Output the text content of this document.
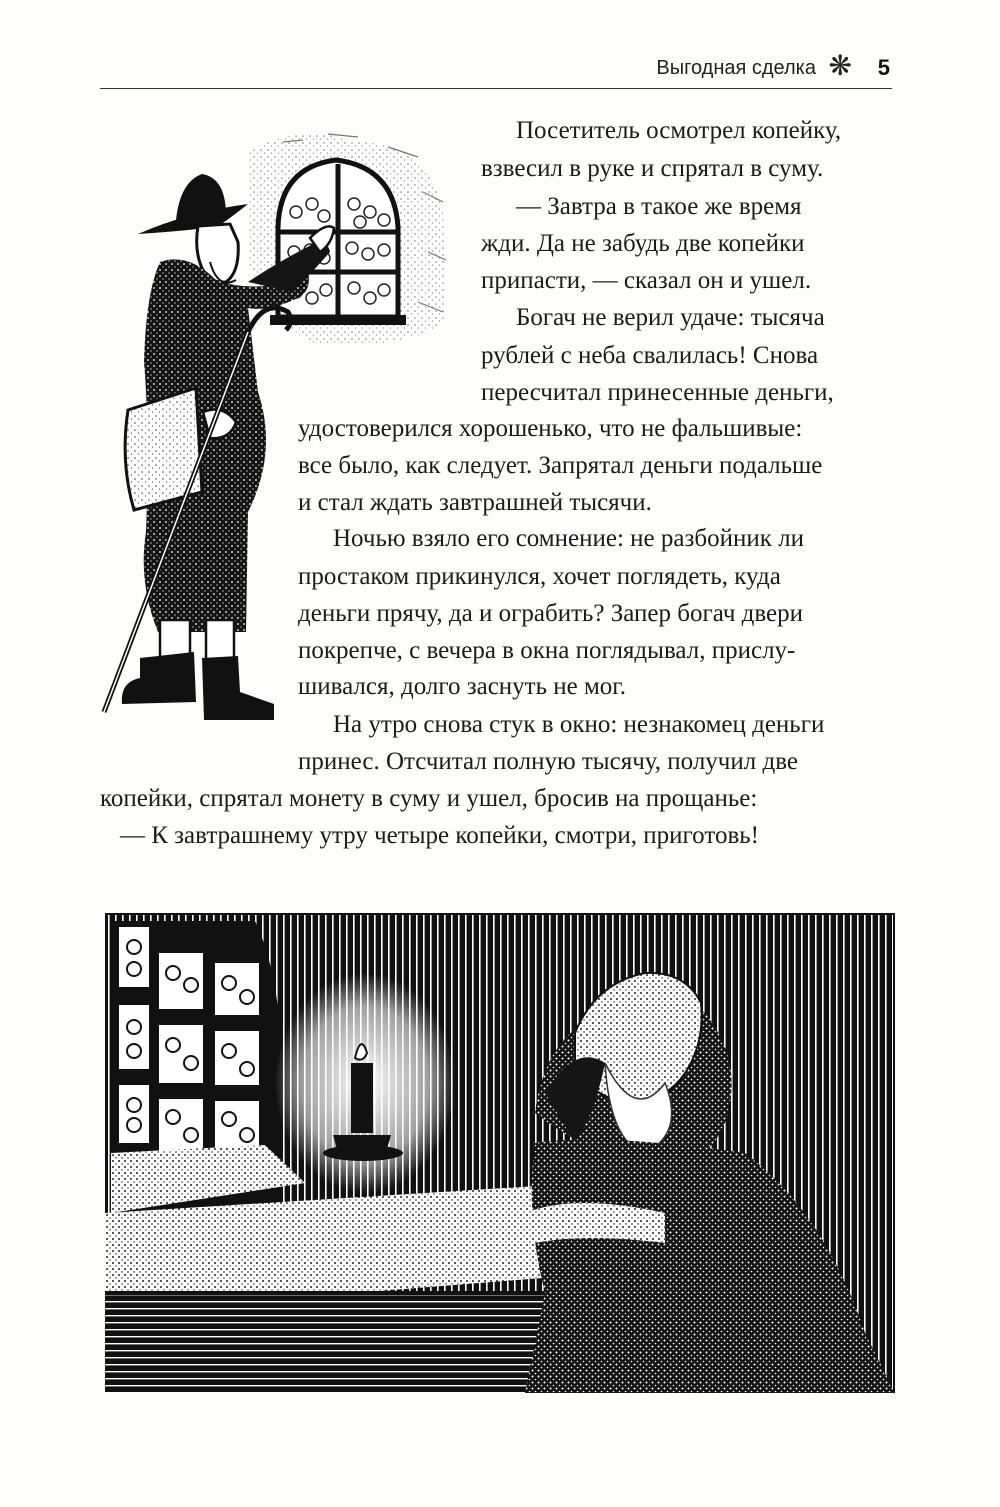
Выгодная сделка ❋ 5
Посетитель осмотрел копейку,
взвесил в руке и спрятал в суму.
— Завтра в такое же время
жди. Да не забудь две копейки
припасти, — сказал он и ушел.
Богач не верил удаче: тысяча
рублей с неба свалилась! Снова
пересчитал принесенные деньги,
удостоверился хорошенько, что не фальшивые:
все было, как следует. Запрятал деньги подальше
и стал ждать завтрашней тысячи.
Ночью взяло его сомнение: не разбойник ли
простаком прикинулся, хочет поглядеть, куда
деньги прячу, да и ограбить? Запер богач двери
покрепче, с вечера в окна поглядывал, прислу-
шивался, долго заснуть не мог.
На утро снова стук в окно: незнакомец деньги
принес. Отсчитал полную тысячу, получил две
копейки, спрятал монету в суму и ушел, бросив на прощанье:
— К завтрашнему утру четыре копейки, смотри, приготовь!
